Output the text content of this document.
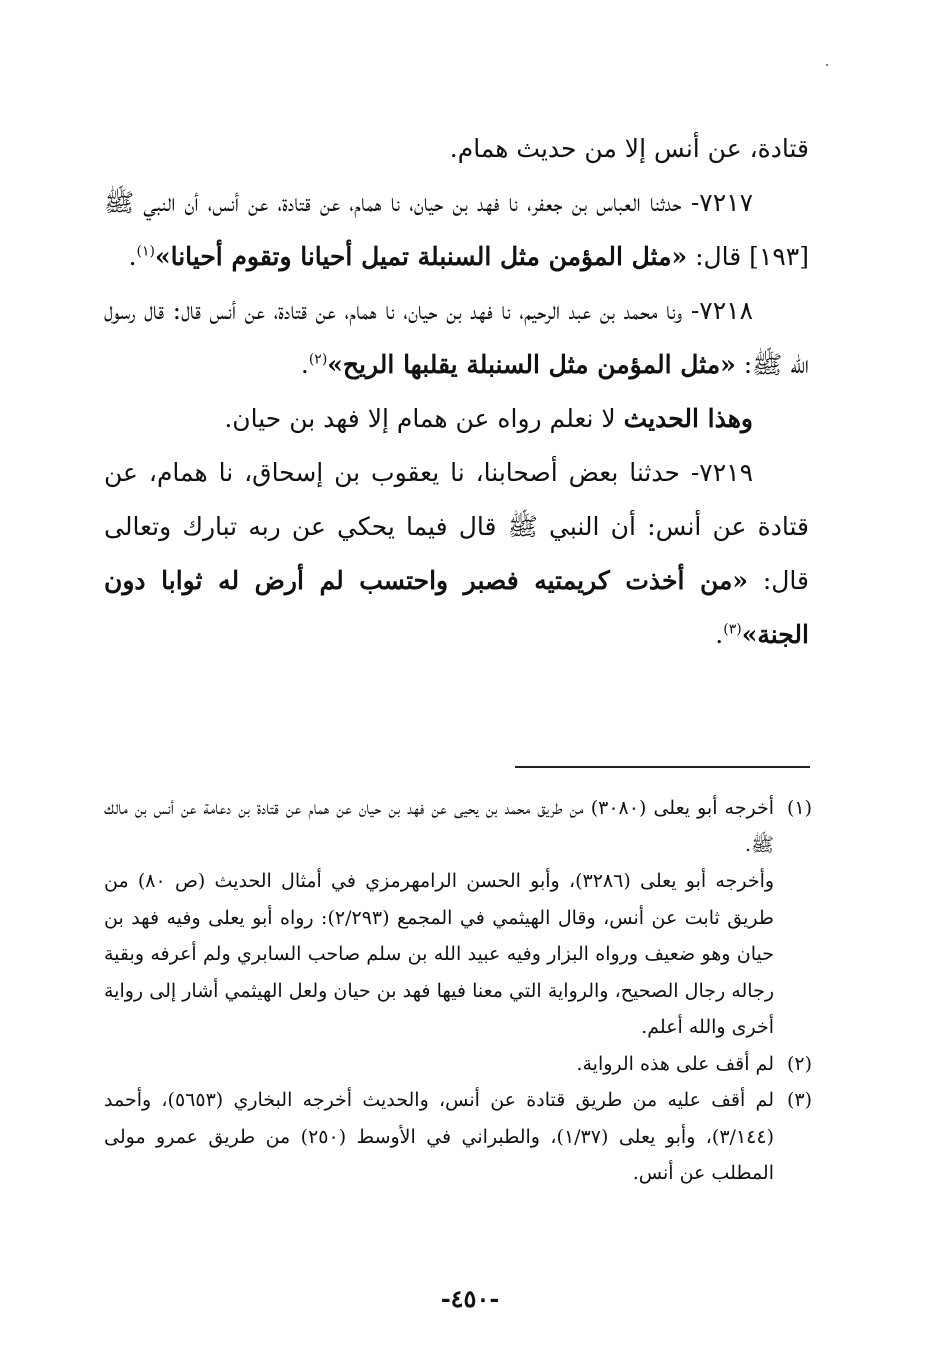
قتادة، عن أنس إلا من حديث همام.

٧٢١٧- حدثنا العباس بن جعفر، نا فهد بن حيان، نا همام، عن قتادة، عن أنس، أن النبي ﷺ [١٩٣] قال: «مثل المؤمن مثل السنبلة تميل أحيانا وتقوم أحيانا»$^{(١)}$.

٧٢١٨- ونا محمد بن عبد الرحيم، نا فهد بن حيان، نا همام، عن قتادة، عن أنس قال: قال رسول الله ﷺ: «مثل المؤمن مثل السنبلة يقلبها الريح»$^{(٢)}$.

وهذا الحديث لا نعلم رواه عن همام إلا فهد بن حيان.

٧٢١٩- حدثنا بعض أصحابنا، نا يعقوب بن إسحاق، نا همام، عن قتادة عن أنس: أن النبي ﷺ قال فيما يحكي عن ربه تبارك وتعالى قال: «من أخذت كريمتيه فصبر واحتسب لم أرض له ثوابا دون الجنة»$^{(٣)}$.

(١)

أخرجه أبو يعلى (٣٠٨٠) من طريق محمد بن يحيى عن فهد بن حيان عن همام عن قتادة بن دعامة عن أنس بن مالك ﷺ.

وأخرجه أبو يعلى (٣٢٨٦)، وأبو الحسن الرامهرمزي في أمثال الحديث (ص ٨٠) من طريق ثابت عن أنس، وقال الهيثمي في المجمع (٢/٢٩٣): رواه أبو يعلى وفيه فهد بن حيان وهو ضعيف ورواه البزار وفيه عبيد الله بن سلم صاحب السابري ولم أعرفه وبقية رجاله رجال الصحيح، والرواية التي معنا فيها فهد بن حيان ولعل الهيثمي أشار إلى رواية أخرى والله أعلم.

(٢)

لم أقف على هذه الرواية.

(٣)

لم أقف عليه من طريق قتادة عن أنس، والحديث أخرجه البخاري (٥٦٥٣)، وأحمد (٣/١٤٤)، وأبو يعلى (١/٣٧)، والطبراني في الأوسط (٢٥٠) من طريق عمرو مولى المطلب عن أنس.

-٤٥٠-
